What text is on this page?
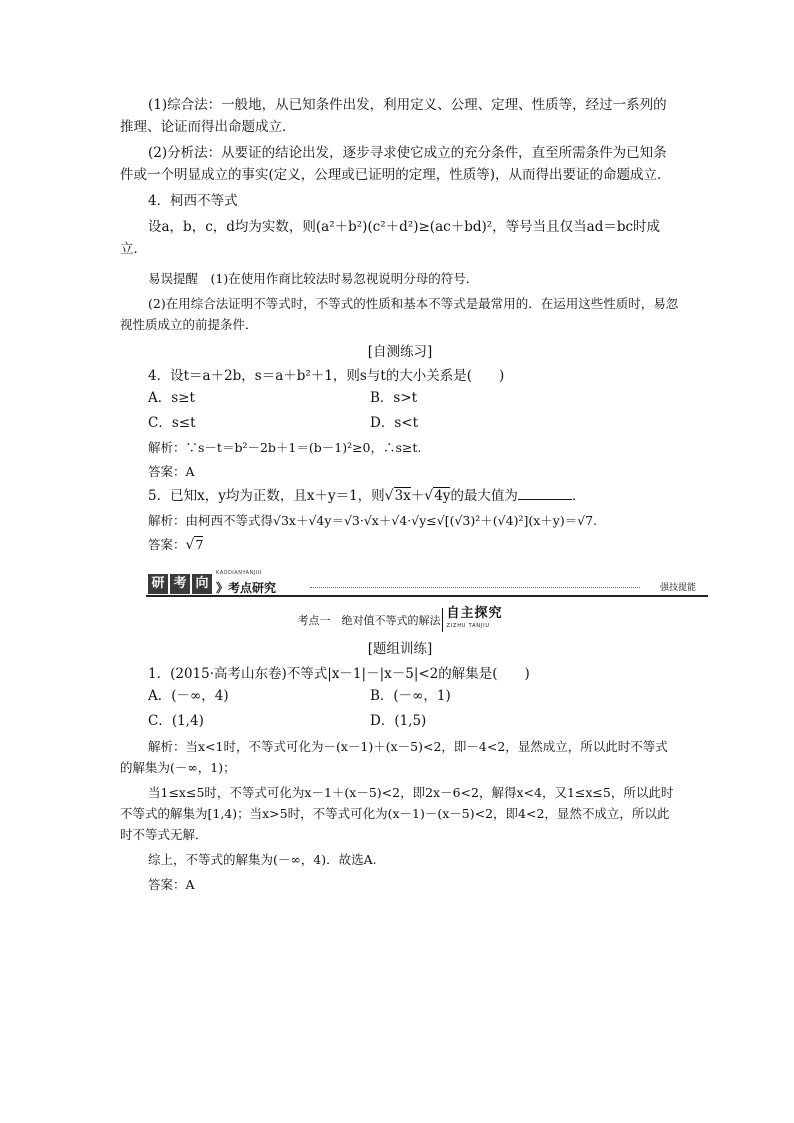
(1)综合法：一般地，从已知条件出发，利用定义、公理、定理、性质等，经过一系列的推理、论证而得出命题成立．

(2)分析法：从要证的结论出发，逐步寻求使它成立的充分条件，直至所需条件为已知条件或一个明显成立的事实(定义，公理或已证明的定理，性质等)，从而得出要证的命题成立．

4．柯西不等式

设a，b，c，d均为实数，则(a²＋b²)(c²＋d²)≥(ac＋bd)²，等号当且仅当ad＝bc时成立．

易误提醒　(1)在使用作商比较法时易忽视说明分母的符号．

(2)在用综合法证明不等式时，不等式的性质和基本不等式是最常用的．在运用这些性质时，易忽视性质成立的前提条件．

[自测练习]

4．设t＝a＋2b，s＝a＋b²＋1，则s与t的大小关系是(　　)

A．s≥t	B．s>t
C．s≤t	D．s<t

解析：∵s－t＝b²－2b＋1＝(b－1)²≥0，∴s≥t.

答案：A

5．已知x，y均为正数，且x＋y＝1，则√3x＋√4y的最大值为	．

解析：由柯西不等式得√3x＋√4y＝√3·√x＋√4·√y≤√[(√3)²＋(√4)²](x＋y)＝√7.

答案：√7

研 考 向
KAODIANYANJIU
》考点研究	强技提能
考点一　绝对值不等式的解法 自主探究
ZIZHU TANJIU
[题组训练]

1．(2015·高考山东卷)不等式|x－1|－|x－5|<2的解集是(　　)

A．(－∞，4)	B．(－∞，1)
C．(1,4)	D．(1,5)

解析：当x<1时，不等式可化为－(x－1)＋(x－5)<2，即－4<2，显然成立，所以此时不等式的解集为(－∞，1)；

当1≤x≤5时，不等式可化为x－1＋(x－5)<2，即2x－6<2，解得x<4，又1≤x≤5，所以此时不等式的解集为[1,4)；当x>5时，不等式可化为(x－1)－(x－5)<2，即4<2，显然不成立，所以此时不等式无解．

综上，不等式的解集为(－∞，4)．故选A.

答案：A
